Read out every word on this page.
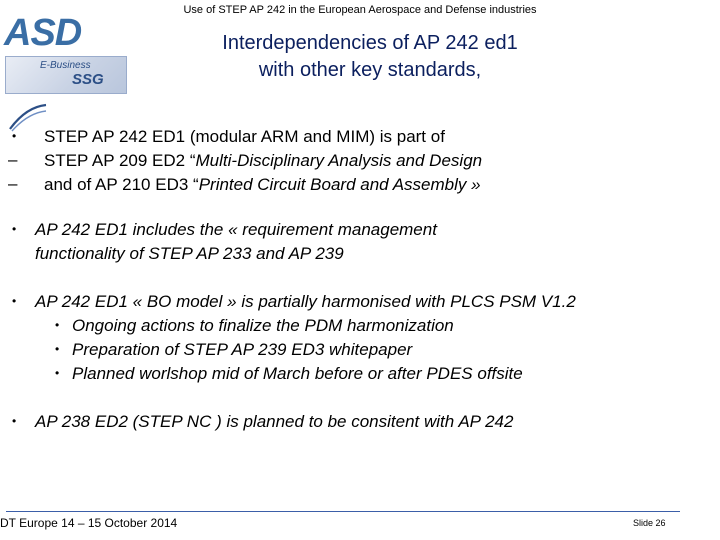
Use of STEP AP 242 in the European Aerospace and Defense industries
ASD
E-Business
SSG
Interdependencies of AP 242 ed1
with other key standards,
• STEP AP 242 ED1 (modular ARM and MIM) is part of
– STEP AP 209 ED2 “Multi-Disciplinary Analysis and Design
– and of AP 210 ED3 “Printed Circuit Board and Assembly »
• AP 242 ED1 includes the « requirement management
functionality of STEP AP 233 and AP 239
• AP 242 ED1 « BO model » is partially harmonised with PLCS PSM V1.2
• Ongoing actions to finalize the PDM harmonization
• Preparation of STEP AP 239 ED3 whitepaper
• Planned worlshop mid of March before or after PDES offsite
• AP 238 ED2 (STEP NC ) is planned to be consitent with AP 242
DT Europe 14 – 15 October 2014	Slide 26
